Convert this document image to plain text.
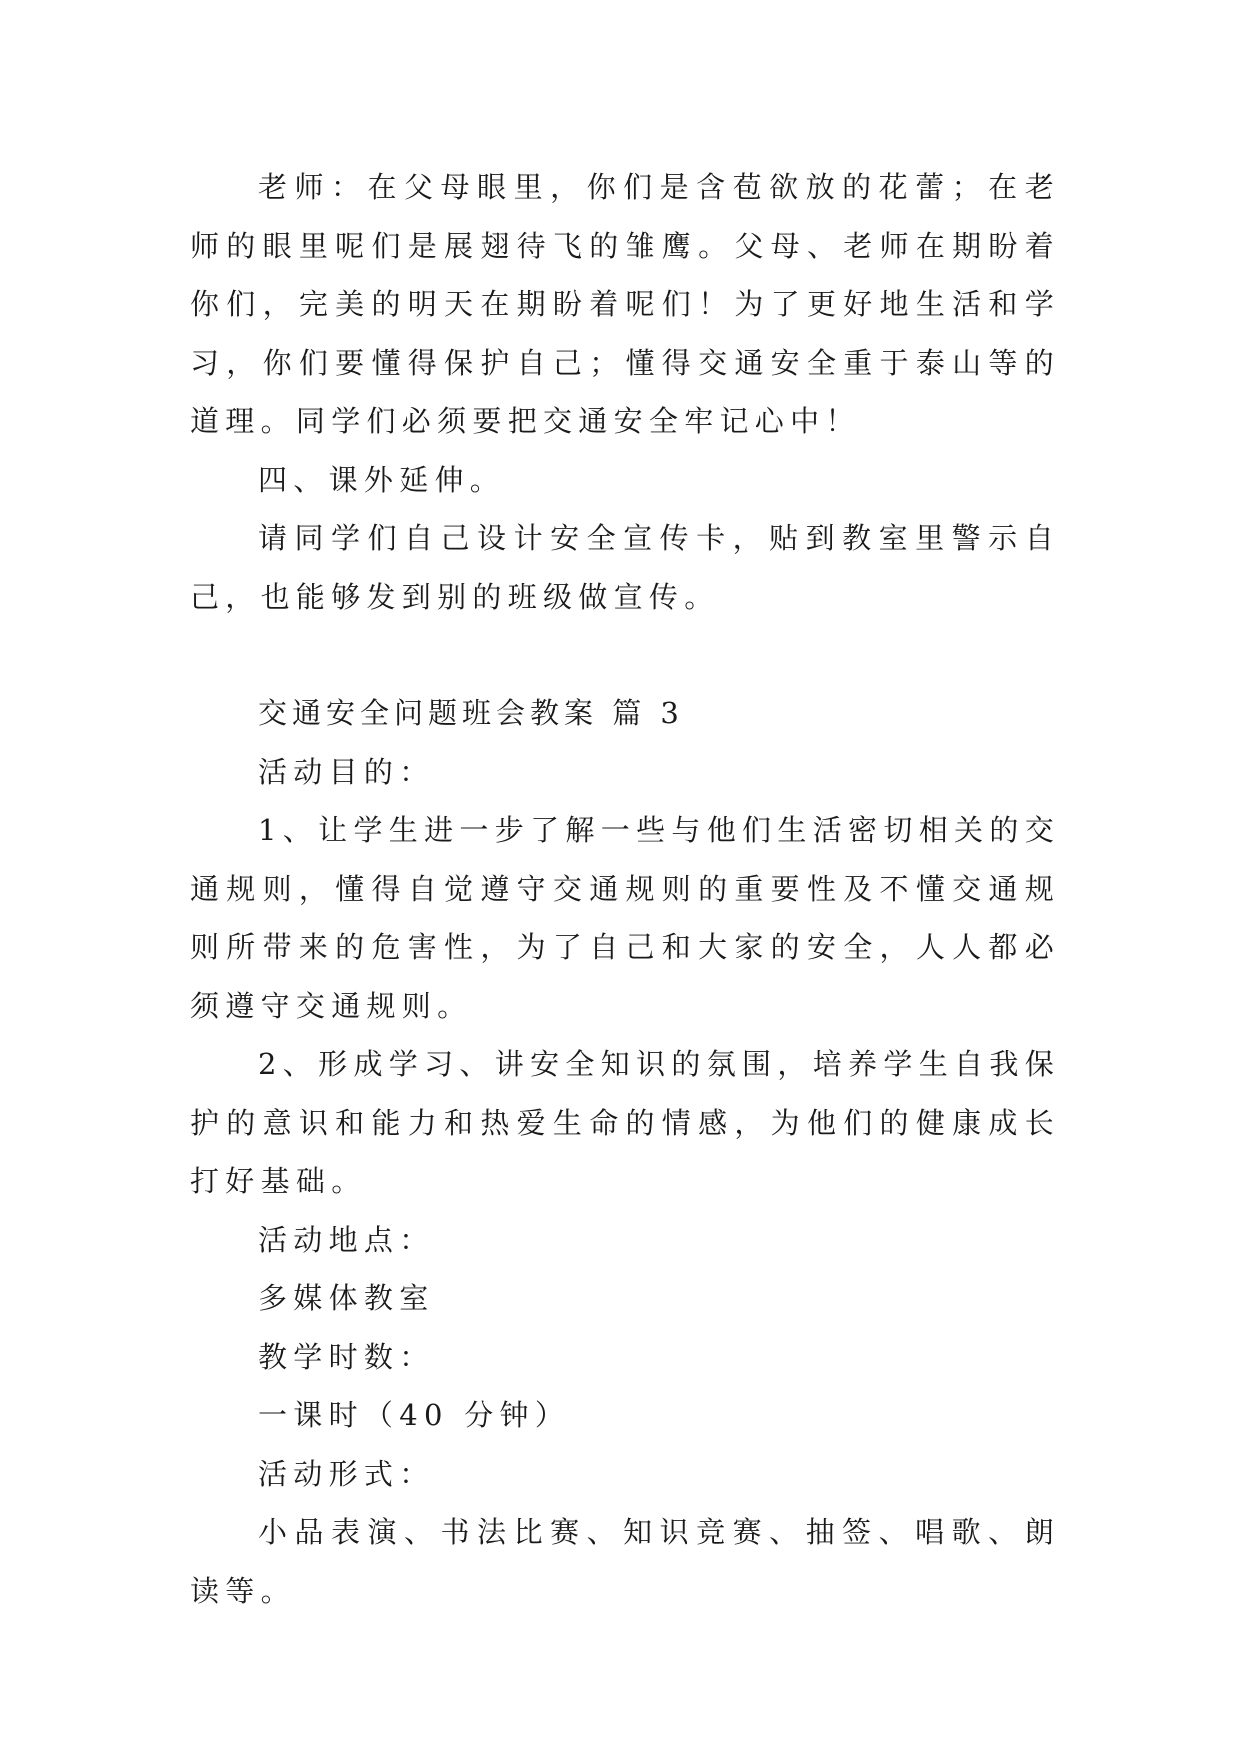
老师：在父母眼里，你们是含苞欲放的花蕾；在老师的眼里呢们是展翅待飞的雏鹰。父母、老师在期盼着你们，完美的明天在期盼着呢们！为了更好地生活和学习，你们要懂得保护自己；懂得交通安全重于泰山等的道理。同学们必须要把交通安全牢记心中！

四、课外延伸。

请同学们自己设计安全宣传卡，贴到教室里警示自己，也能够发到别的班级做宣传。

交通安全问题班会教案 篇 3

活动目的：

1、让学生进一步了解一些与他们生活密切相关的交通规则，懂得自觉遵守交通规则的重要性及不懂交通规则所带来的危害性，为了自己和大家的安全，人人都必须遵守交通规则。

2、形成学习、讲安全知识的氛围，培养学生自我保护的意识和能力和热爱生命的情感，为他们的健康成长打好基础。

活动地点：

多媒体教室

教学时数：

一课时（40 分钟）

活动形式：

小品表演、书法比赛、知识竞赛、抽签、唱歌、朗读等。
